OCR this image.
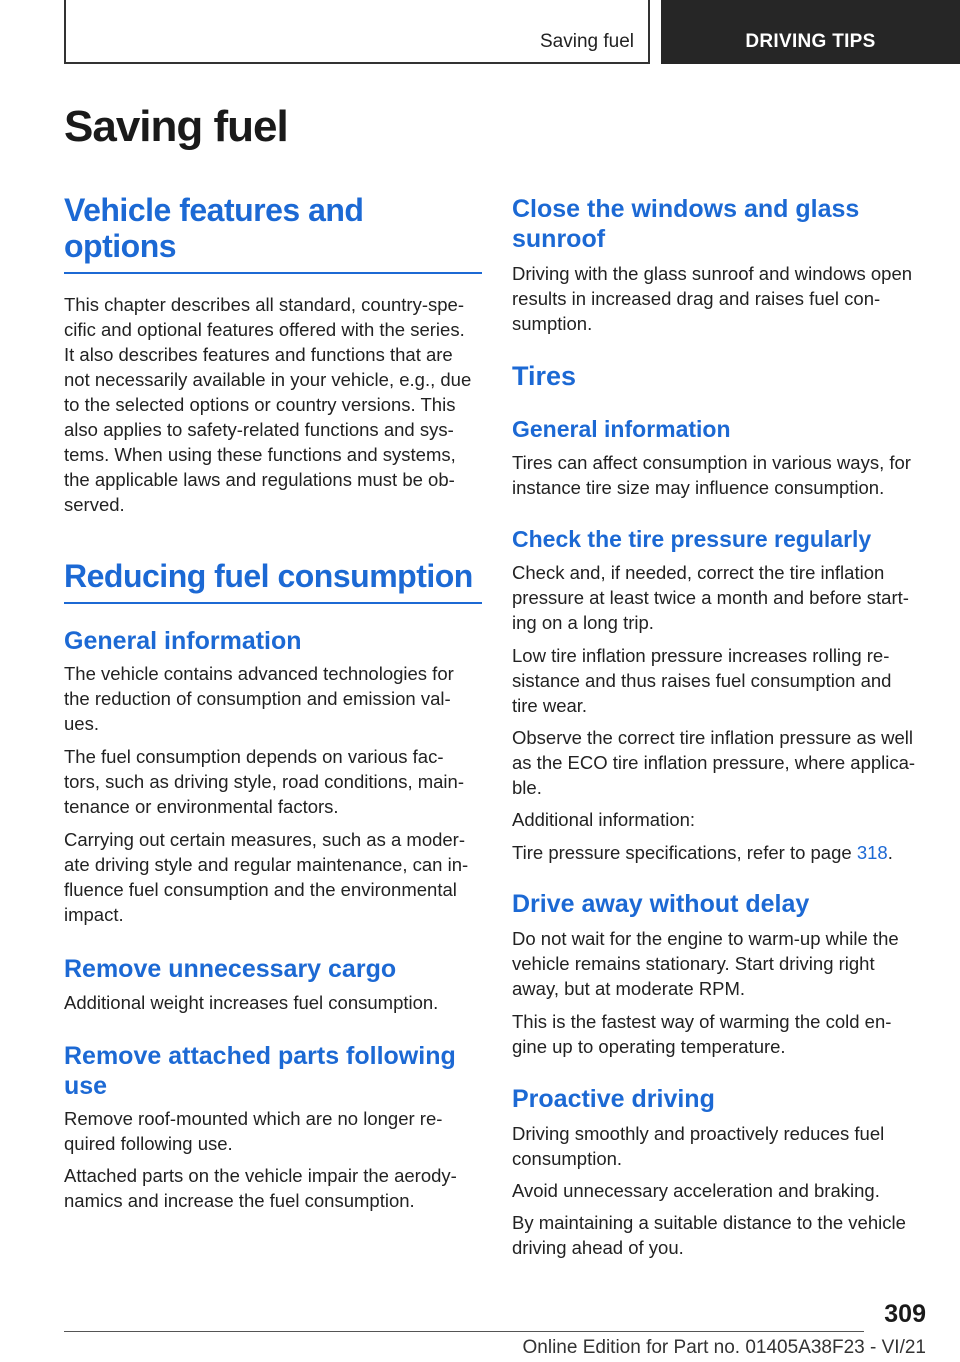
Saving fuel	DRIVING TIPS
Saving fuel
Vehicle features and
options
This chapter describes all standard, country-spe-
cific and optional features offered with the series.
It also describes features and functions that are
not necessarily available in your vehicle, e.g., due
to the selected options or country versions. This
also applies to safety-related functions and sys-
tems. When using these functions and systems,
the applicable laws and regulations must be ob-
served.
Reducing fuel consumption
General information
The vehicle contains advanced technologies for
the reduction of consumption and emission val-
ues.
The fuel consumption depends on various fac-
tors, such as driving style, road conditions, main-
tenance or environmental factors.
Carrying out certain measures, such as a moder-
ate driving style and regular maintenance, can in-
fluence fuel consumption and the environmental
impact.
Remove unnecessary cargo
Additional weight increases fuel consumption.
Remove attached parts following
use
Remove roof-mounted which are no longer re-
quired following use.
Attached parts on the vehicle impair the aerody-
namics and increase the fuel consumption.
Close the windows and glass
sunroof
Driving with the glass sunroof and windows open
results in increased drag and raises fuel con-
sumption.
Tires
General information
Tires can affect consumption in various ways, for
instance tire size may influence consumption.
Check the tire pressure regularly
Check and, if needed, correct the tire inflation
pressure at least twice a month and before start-
ing on a long trip.
Low tire inflation pressure increases rolling re-
sistance and thus raises fuel consumption and
tire wear.
Observe the correct tire inflation pressure as well
as the ECO tire inflation pressure, where applica-
ble.
Additional information:
Tire pressure specifications, refer to page 318.
Drive away without delay
Do not wait for the engine to warm-up while the
vehicle remains stationary. Start driving right
away, but at moderate RPM.
This is the fastest way of warming the cold en-
gine up to operating temperature.
Proactive driving
Driving smoothly and proactively reduces fuel
consumption.
Avoid unnecessary acceleration and braking.
By maintaining a suitable distance to the vehicle
driving ahead of you.
309
Online Edition for Part no. 01405A38F23 - VI/21
